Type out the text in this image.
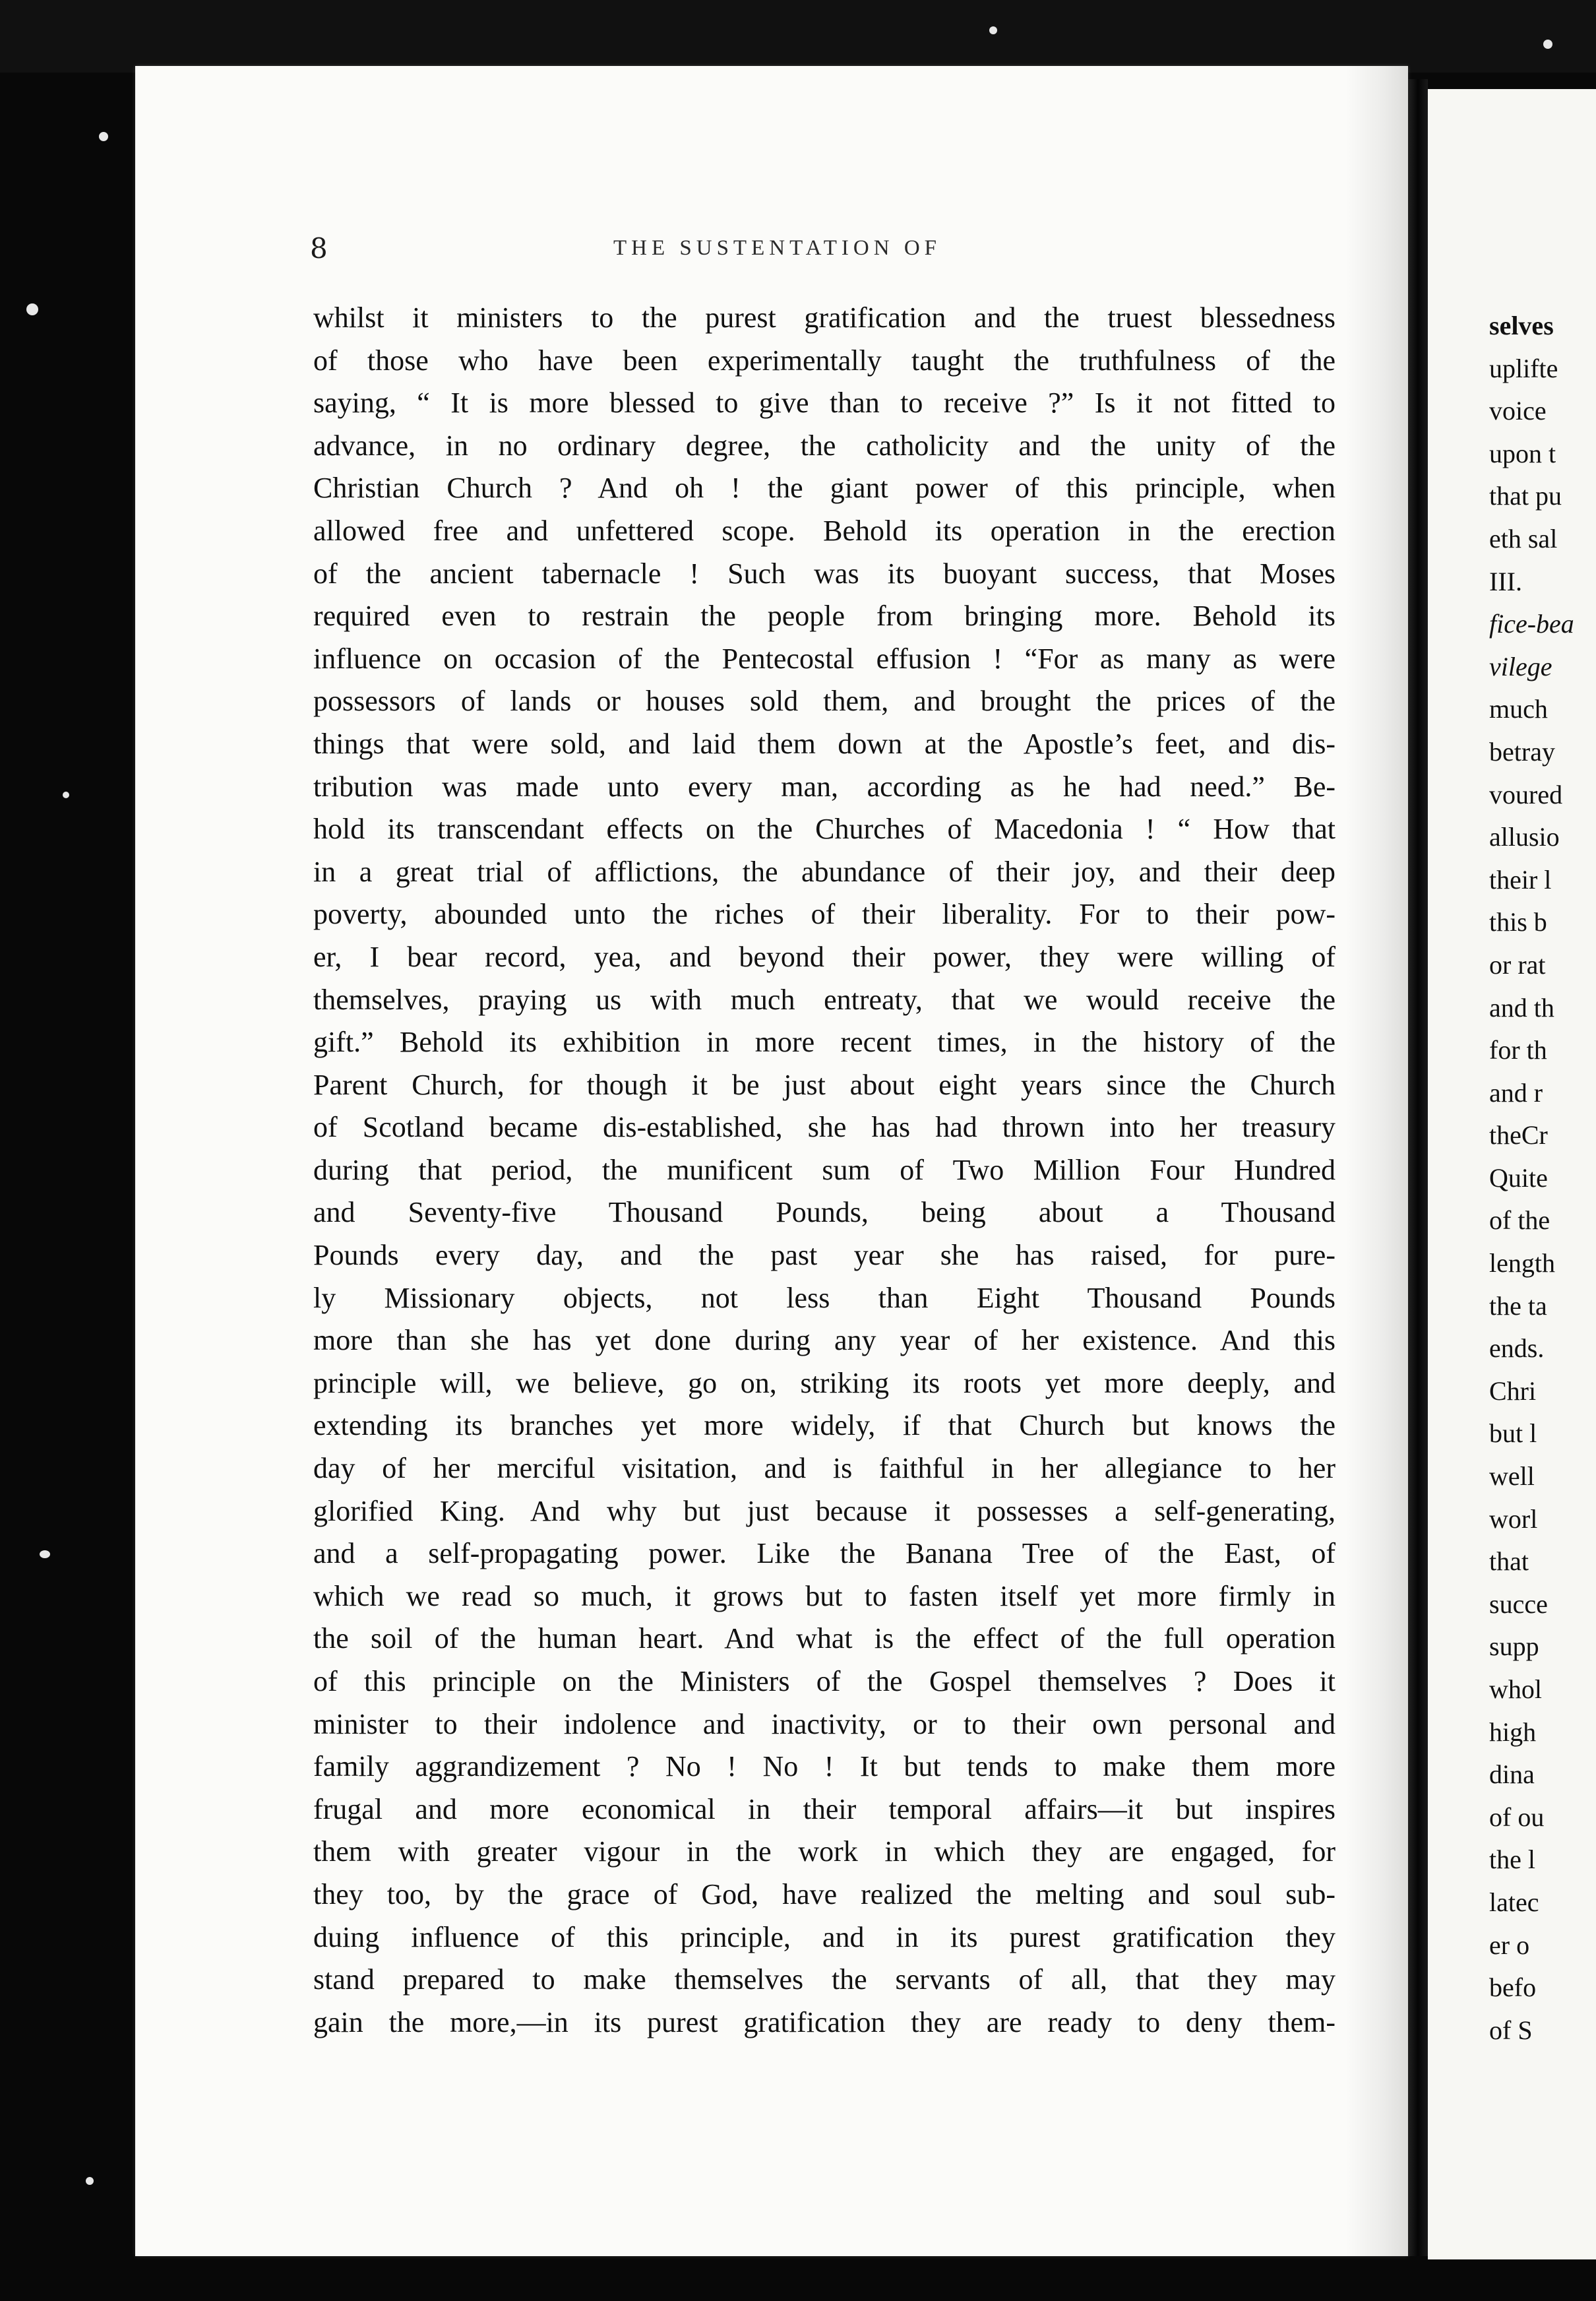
8	THE SUSTENTATION OF
whilst it ministers to the purest gratification and the truest blessedness
of those who have been experimentally taught the truthfulness of the
saying, “ It is more blessed to give than to receive ?” Is it not fitted to
advance, in no ordinary degree, the catholicity and the unity of the
Christian Church ? And oh ! the giant power of this principle, when
allowed free and unfettered scope. Behold its operation in the erection
of the ancient tabernacle ! Such was its buoyant success, that Moses
required even to restrain the people from bringing more. Behold its
influence on occasion of the Pentecostal effusion ! “For as many as were
possessors of lands or houses sold them, and brought the prices of the
things that were sold, and laid them down at the Apostle’s feet, and dis-
tribution was made unto every man, according as he had need.” Be-
hold its transcendant effects on the Churches of Macedonia ! “ How that
in a great trial of afflictions, the abundance of their joy, and their deep
poverty, abounded unto the riches of their liberality. For to their pow-
er, I bear record, yea, and beyond their power, they were willing of
themselves, praying us with much entreaty, that we would receive the
gift.” Behold its exhibition in more recent times, in the history of the
Parent Church, for though it be just about eight years since the Church
of Scotland became dis-established, she has had thrown into her treasury
during that period, the munificent sum of Two Million Four Hundred
and Seventy-five Thousand Pounds, being about a Thousand
Pounds every day, and the past year she has raised, for pure-
ly Missionary objects, not less than Eight Thousand Pounds
more than she has yet done during any year of her existence. And this
principle will, we believe, go on, striking its roots yet more deeply, and
extending its branches yet more widely, if that Church but knows the
day of her merciful visitation, and is faithful in her allegiance to her
glorified King. And why but just because it possesses a self-generating,
and a self-propagating power. Like the Banana Tree of the East, of
which we read so much, it grows but to fasten itself yet more firmly in
the soil of the human heart. And what is the effect of the full operation
of this principle on the Ministers of the Gospel themselves ? Does it
minister to their indolence and inactivity, or to their own personal and
family aggrandizement ? No ! No ! It but tends to make them more
frugal and more economical in their temporal affairs—it but inspires
them with greater vigour in the work in which they are engaged, for
they too, by the grace of God, have realized the melting and soul sub-
duing influence of this principle, and in its purest gratification they
stand prepared to make themselves the servants of all, that they may
gain the more,—in its purest gratification they are ready to deny them-
selves
uplifte
voice
upon t
that pu
eth sal
III.
fice-bea
vilege
much
betray
voured
allusio
their l
this b
or rat
and th
for th
and r
theCr
Quite
of the
length
the ta
ends.
Chri
but l
well
worl
that
succe
supp
whol
high
dina
of ou
the l
latec
er o
befo
of S
